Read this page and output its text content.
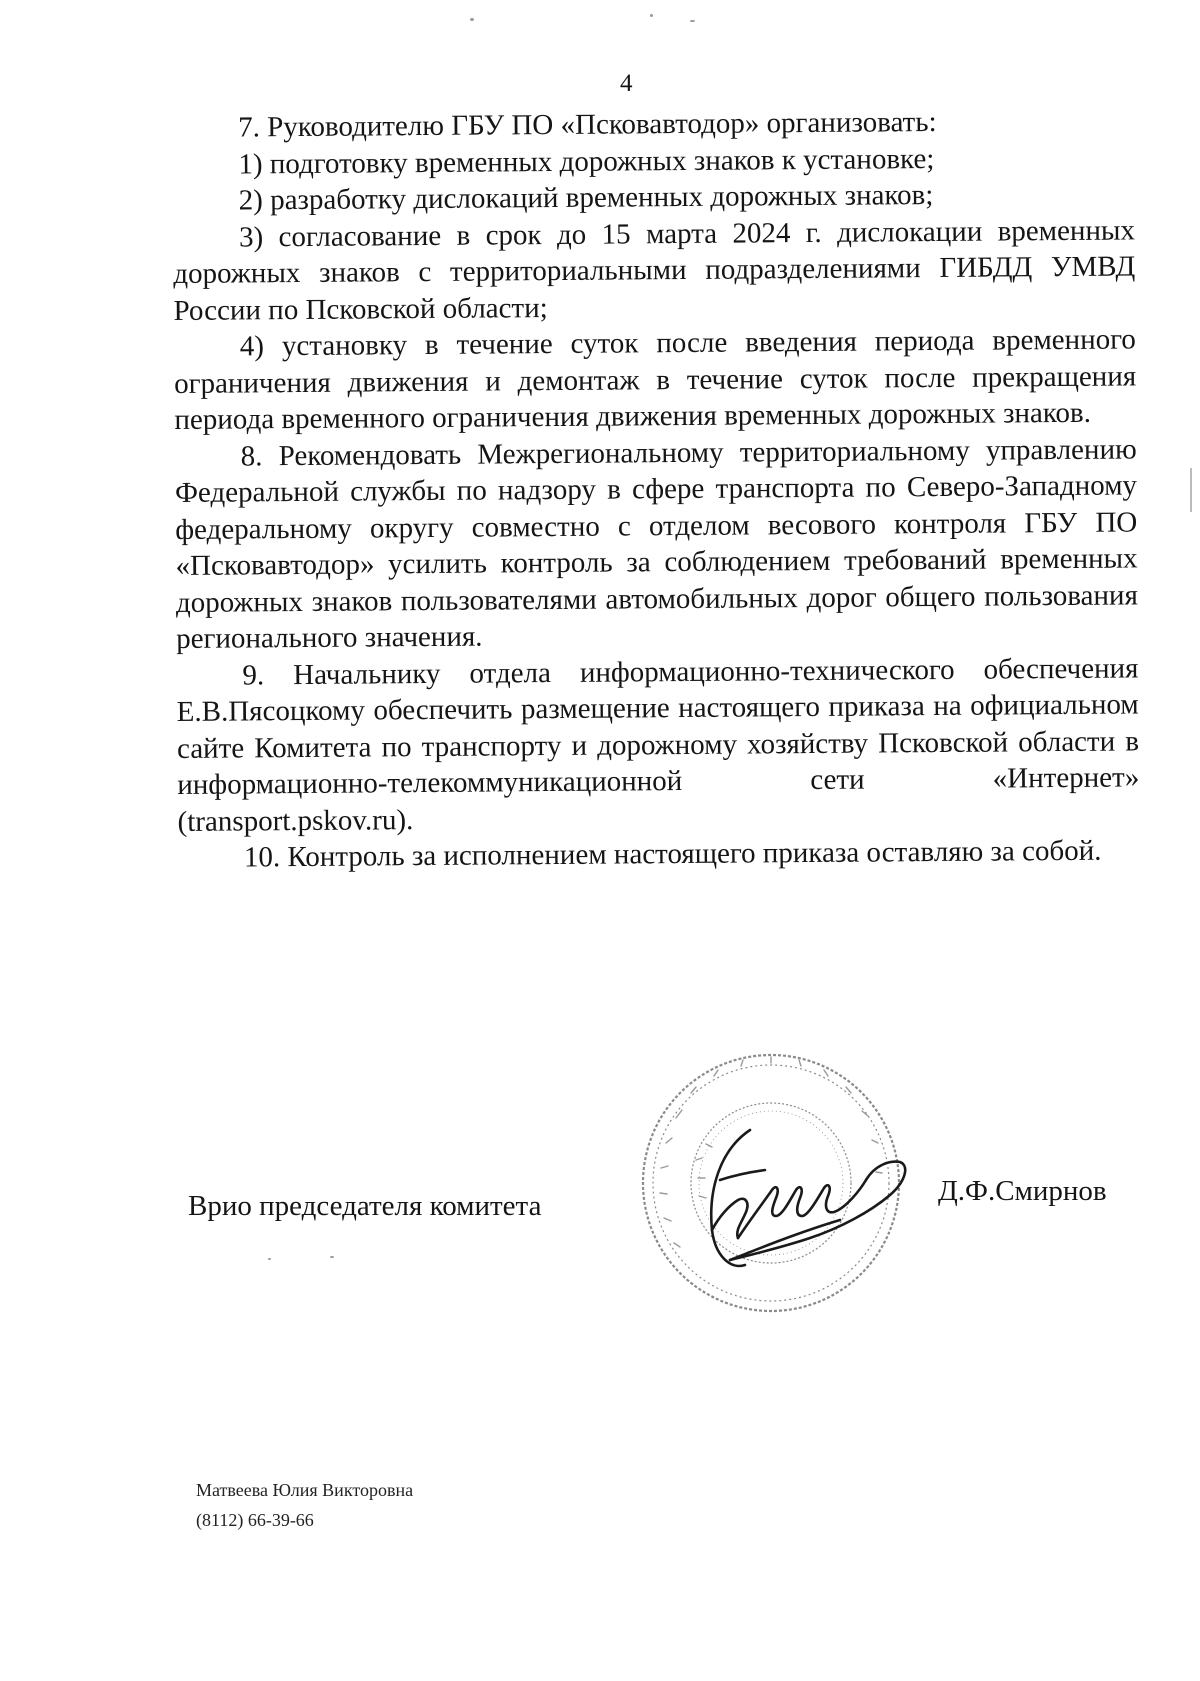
4

7. Руководителю ГБУ ПО «Псковавтодор» организовать:

1) подготовку временных дорожных знаков к установке;

2) разработку дислокаций временных дорожных знаков;

3) согласование в срок до 15 марта 2024 г. дислокации временных дорожных знаков с территориальными подразделениями ГИБДД УМВД России по Псковской области;

4) установку в течение суток после введения периода временного ограничения движения и демонтаж в течение суток после прекращения периода временного ограничения движения временных дорожных знаков.

8. Рекомендовать Межрегиональному территориальному управлению Федеральной службы по надзору в сфере транспорта по Северо-Западному федеральному округу совместно с отделом весового контроля ГБУ ПО «Псковавтодор» усилить контроль за соблюдением требований временных дорожных знаков пользователями автомобильных дорог общего пользования регионального значения.

9. Начальнику отдела информационно-технического обеспечения Е.В.Пясоцкому обеспечить размещение настоящего приказа на официальном сайте Комитета по транспорту и дорожному хозяйству Псковской области в информационно-телекоммуникационной сети «Интернет» (transport.pskov.ru).

10. Контроль за исполнением настоящего приказа оставляю за собой.

Врио председателя комитета	Д.Ф.Смирнов
Матвеева Юлия Викторовна
(8112) 66-39-66
